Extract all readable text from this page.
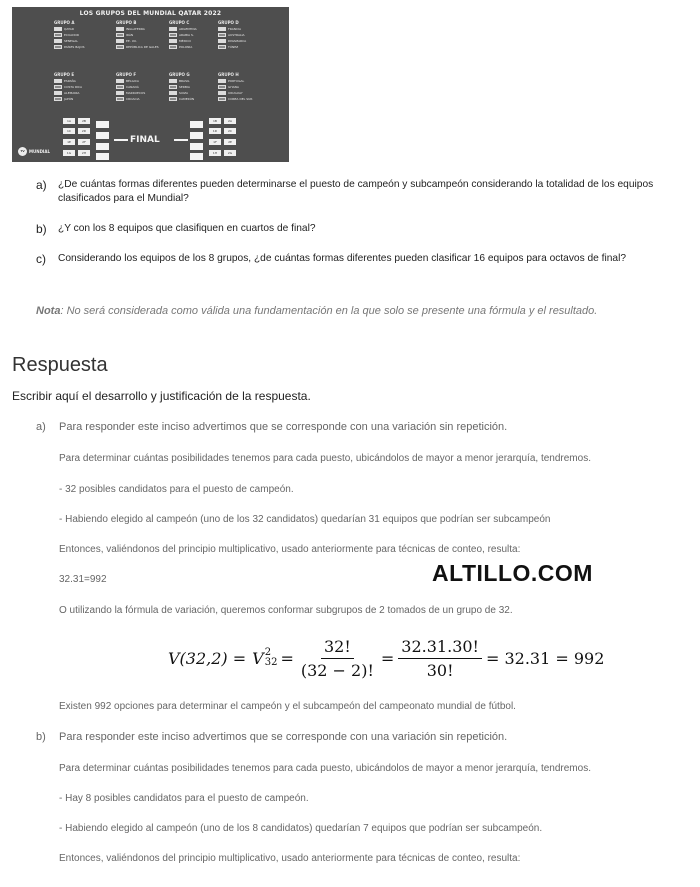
LOS GRUPOS DEL MUNDIAL QATAR 2022
GRUPO A
QATAR
ECUADOR
SENEGAL
PAÍSES BAJOS
GRUPO B
INGLATERRA
IRÁN
EE. UU.
REPÚBLICA DE GALES
GRUPO C
ARGENTINA
ARABIA S.
MÉXICO
POLONIA
GRUPO D
FRANCIA
AUSTRALIA
DINAMARCA
TÚNEZ
GRUPO E
ESPAÑA
COSTA RICA
ALEMANIA
JAPÓN
GRUPO F
BÉLGICA
CANADÁ
MARRUECOS
CROACIA
GRUPO G
BRASIL
SERBIA
SUIZA
CAMERÚN
GRUPO H
PORTUGAL
GHANA
URUGUAY
COREA DEL SUR
1A	2B
1C	2D
1E	2F
1G	2H
1B	2A
1D	2C
1F	2E
1H	2G
FINAL
TV	MUNDIAL
a)	¿De cuántas formas diferentes pueden determinarse el puesto de campeón y subcampeón considerando la totalidad de los equipos clasificados para el Mundial?
b)	¿Y con los 8 equipos que clasifiquen en cuartos de final?
c)	Considerando los equipos de los 8 grupos, ¿de cuántas formas diferentes pueden clasificar 16 equipos para octavos de final?
Nota: No será considerada como válida una fundamentación en la que solo se presente una fórmula y el resultado.
Respuesta
Escribir aquí el desarrollo y justificación de la respuesta.
a) Para responder este inciso advertimos que se corresponde con una variación sin repetición.
Para determinar cuántas posibilidades tenemos para cada puesto, ubicándolos de mayor a menor jerarquía, tendremos.
- 32 posibles candidatos para el puesto de campeón.
- Habiendo elegido al campeón (uno de los 32 candidatos) quedarían 31 equipos que podrían ser subcampeón
Entonces, valiéndonos del principio multiplicativo, usado anteriormente para técnicas de conteo, resulta:
32.31=992	ALTILLO.COM
O utilizando la fórmula de variación, queremos conformar subgrupos de 2 tomados de un grupo de 32.
V(32,2) = V 2
$32 = \frac{32!}{(32 - 2)!} = \frac{32.31.30!}{30!} = 32.31 = 992$
Existen 992 opciones para determinar el campeón y el subcampeón del campeonato mundial de fútbol.
b) Para responder este inciso advertimos que se corresponde con una variación sin repetición.
Para determinar cuántas posibilidades tenemos para cada puesto, ubicándolos de mayor a menor jerarquía, tendremos.
- Hay 8 posibles candidatos para el puesto de campeón.
- Habiendo elegido al campeón (uno de los 8 candidatos) quedarían 7 equipos que podrían ser subcampeón.
Entonces, valiéndonos del principio multiplicativo, usado anteriormente para técnicas de conteo, resulta:
